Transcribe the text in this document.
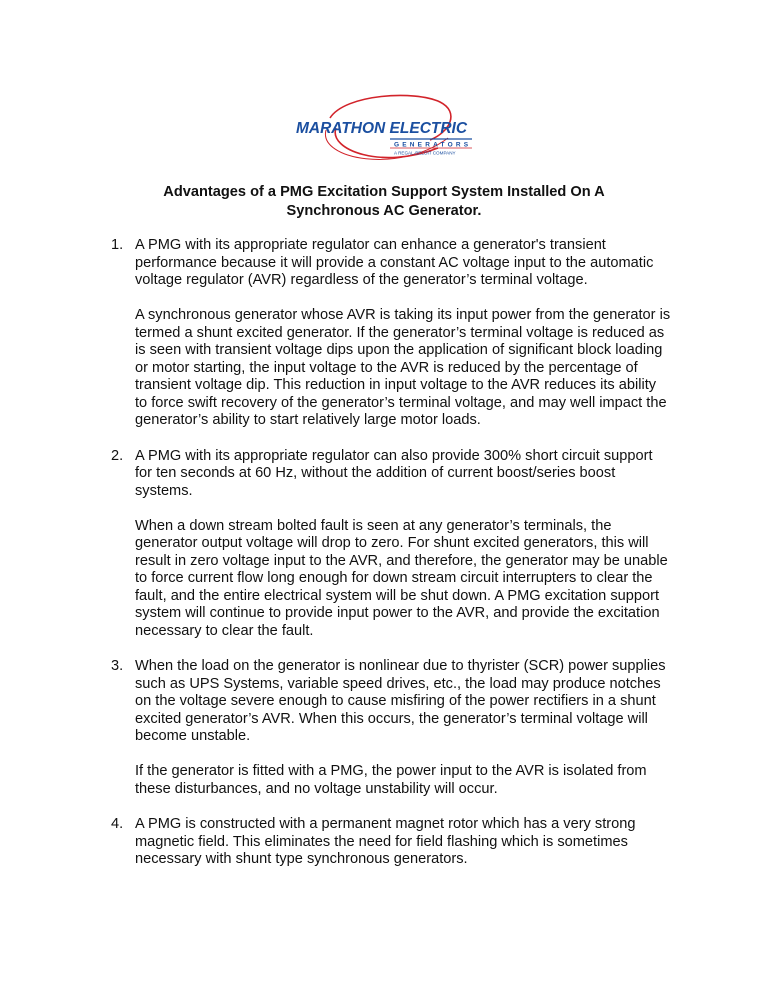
MARATHON ELECTRIC
GENERATORS
A REGAL-BELOIT COMPANY
Advantages of a PMG Excitation Support System Installed On A
Synchronous AC Generator.
1. A PMG with its appropriate regulator can enhance a generator's transient performance because it will provide a constant AC voltage input to the automatic voltage regulator (AVR) regardless of the generator’s terminal voltage.

A synchronous generator whose AVR is taking its input power from the generator is termed a shunt excited generator. If the generator’s terminal voltage is reduced as is seen with transient voltage dips upon the application of significant block loading or motor starting, the input voltage to the AVR is reduced by the percentage of transient voltage dip. This reduction in input voltage to the AVR reduces its ability to force swift recovery of the generator’s terminal voltage, and may well impact the generator’s ability to start relatively large motor loads.

2. A PMG with its appropriate regulator can also provide 300% short circuit support for ten seconds at 60 Hz, without the addition of current boost/series boost systems.

When a down stream bolted fault is seen at any generator’s terminals, the generator output voltage will drop to zero. For shunt excited generators, this will result in zero voltage input to the AVR, and therefore, the generator may be unable to force current flow long enough for down stream circuit interrupters to clear the fault, and the entire electrical system will be shut down. A PMG excitation support system will continue to provide input power to the AVR, and provide the excitation necessary to clear the fault.

3. When the load on the generator is nonlinear due to thyrister (SCR) power supplies such as UPS Systems, variable speed drives, etc., the load may produce notches on the voltage severe enough to cause misfiring of the power rectifiers in a shunt excited generator’s AVR. When this occurs, the generator’s terminal voltage will become unstable.

If the generator is fitted with a PMG, the power input to the AVR is isolated from these disturbances, and no voltage unstability will occur.

4. A PMG is constructed with a permanent magnet rotor which has a very strong magnetic field. This eliminates the need for field flashing which is sometimes necessary with shunt type synchronous generators.
